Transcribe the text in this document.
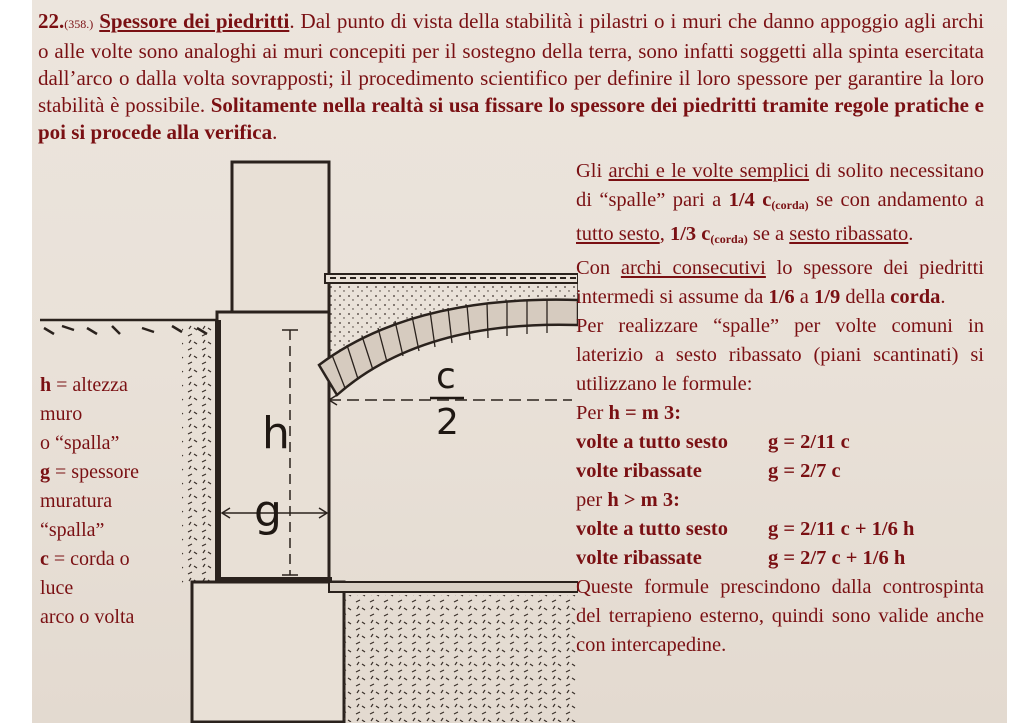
22.(358.) Spessore dei piedritti. Dal punto di vista della stabilità i pilastri o i muri che danno appoggio agli archi o alle volte sono analoghi ai muri concepiti per il sostegno della terra, sono infatti soggetti alla spinta esercitata dall’arco o dalla volta sovrapposti; il procedimento scientifico per definire il loro spessore per garantire la loro stabilità è possibile. Solitamente nella realtà si usa fissare lo spessore dei piedritti tramite regole pratiche e poi si procede alla verifica.
h
g
c
2
h = altezza
muro
o “spalla”
g = spessore
muratura
“spalla”
c = corda o
luce
arco o volta

Gli archi e le volte semplici di solito necessitano di “spalle” pari a 1/4 $c_{(corda)}$ se con andamento a tutto sesto, 1/3 $c_{(corda)}$ se a sesto ribassato.

Con archi consecutivi lo spessore dei piedritti intermedi si assume da 1/6 a 1/9 della corda.

Per realizzare “spalle” per volte comuni in laterizio a sesto ribassato (piani scantinati) si utilizzano le formule:

Per h = m 3:

volte a tutto sesto	g = 2/11 c
volte ribassate	g = 2/7 c

per h > m 3:

volte a tutto sesto	g = 2/11 c + 1/6 h
volte ribassate	g = 2/7 c + 1/6 h

Queste formule prescindono dalla controspinta del terrapieno esterno, quindi sono valide anche con intercapedine.
